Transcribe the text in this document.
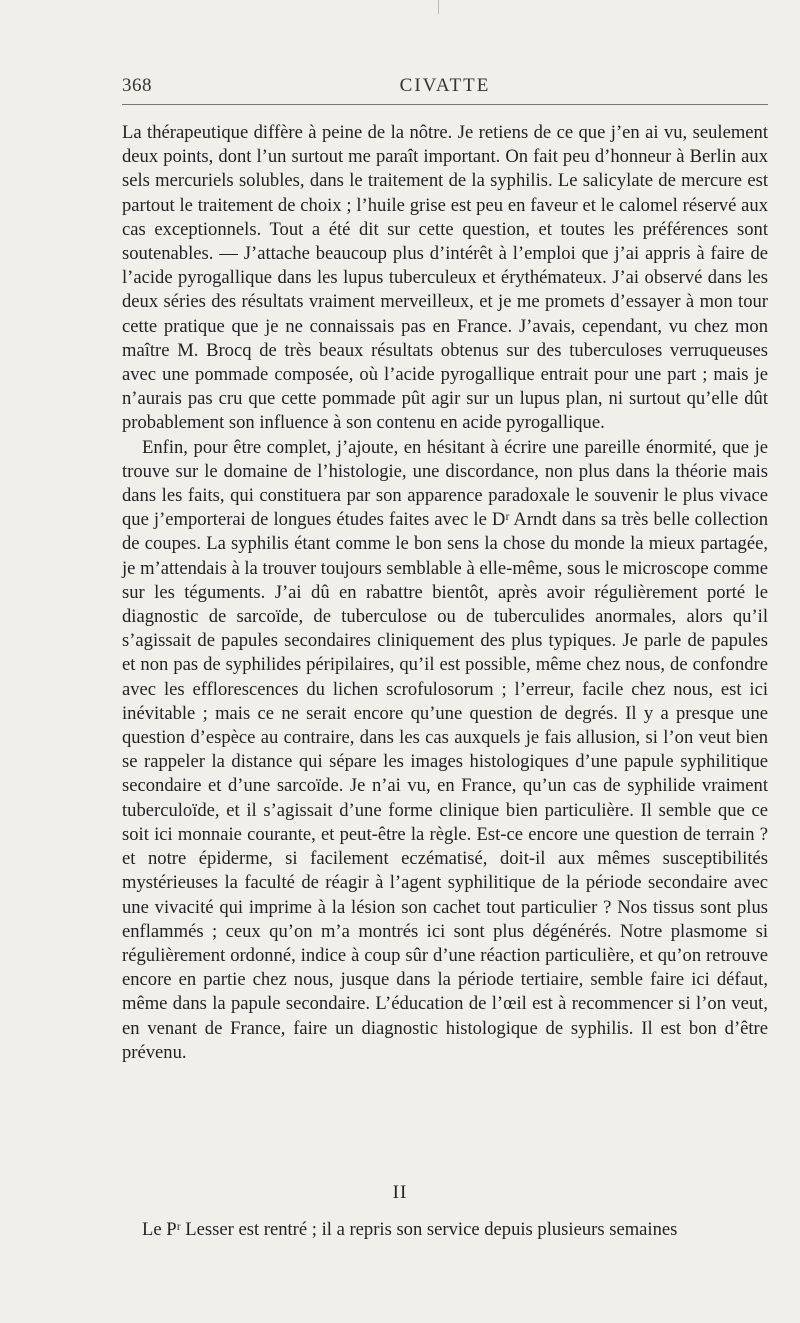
368	CIVATTE

La thérapeutique diffère à peine de la nôtre. Je retiens de ce que j’en ai vu, seulement deux points, dont l’un surtout me paraît important. On fait peu d’honneur à Berlin aux sels mercuriels solubles, dans le traitement de la syphilis. Le salicylate de mercure est partout le traitement de choix ; l’huile grise est peu en faveur et le calomel réservé aux cas exceptionnels. Tout a été dit sur cette question, et toutes les préférences sont soutenables. — J’attache beaucoup plus d’intérêt à l’emploi que j’ai appris à faire de l’acide pyrogallique dans les lupus tuberculeux et érythémateux. J’ai observé dans les deux séries des résultats vraiment merveilleux, et je me promets d’essayer à mon tour cette pratique que je ne connaissais pas en France. J’avais, cependant, vu chez mon maître M. Brocq de très beaux résultats obtenus sur des tuberculoses verruqueuses avec une pommade composée, où l’acide pyrogallique entrait pour une part ; mais je n’aurais pas cru que cette pommade pût agir sur un lupus plan, ni surtout qu’elle dût probablement son influence à son contenu en acide pyrogallique.

Enfin, pour être complet, j’ajoute, en hésitant à écrire une pareille énormité, que je trouve sur le domaine de l’histologie, une discordance, non plus dans la théorie mais dans les faits, qui constituera par son apparence paradoxale le souvenir le plus vivace que j’emporterai de longues études faites avec le Dʳ Arndt dans sa très belle collection de coupes. La syphilis étant comme le bon sens la chose du monde la mieux partagée, je m’attendais à la trouver toujours semblable à elle-même, sous le microscope comme sur les téguments. J’ai dû en rabattre bientôt, après avoir régulièrement porté le diagnostic de sarcoïde, de tuberculose ou de tuberculides anormales, alors qu’il s’agissait de papules secondaires cliniquement des plus typiques. Je parle de papules et non pas de syphilides péripilaires, qu’il est possible, même chez nous, de confondre avec les efflorescences du lichen scrofulosorum ; l’erreur, facile chez nous, est ici inévitable ; mais ce ne serait encore qu’une question de degrés. Il y a presque une question d’espèce au contraire, dans les cas auxquels je fais allusion, si l’on veut bien se rappeler la distance qui sépare les images histologiques d’une papule syphilitique secondaire et d’une sarcoïde. Je n’ai vu, en France, qu’un cas de syphilide vraiment tuberculoïde, et il s’agissait d’une forme clinique bien particulière. Il semble que ce soit ici monnaie courante, et peut-être la règle. Est-ce encore une question de terrain ? et notre épiderme, si facilement eczématisé, doit-il aux mêmes susceptibilités mystérieuses la faculté de réagir à l’agent syphilitique de la période secondaire avec une vivacité qui imprime à la lésion son cachet tout particulier ? Nos tissus sont plus enflammés ; ceux qu’on m’a montrés ici sont plus dégénérés. Notre plasmome si régulièrement ordonné, indice à coup sûr d’une réaction particulière, et qu’on retrouve encore en partie chez nous, jusque dans la période tertiaire, semble faire ici défaut, même dans la papule secondaire. L’éducation de l’œil est à recommencer si l’on veut, en venant de France, faire un diagnostic histologique de syphilis. Il est bon d’être prévenu.

II
Le Pʳ Lesser est rentré ; il a repris son service depuis plusieurs semaines
